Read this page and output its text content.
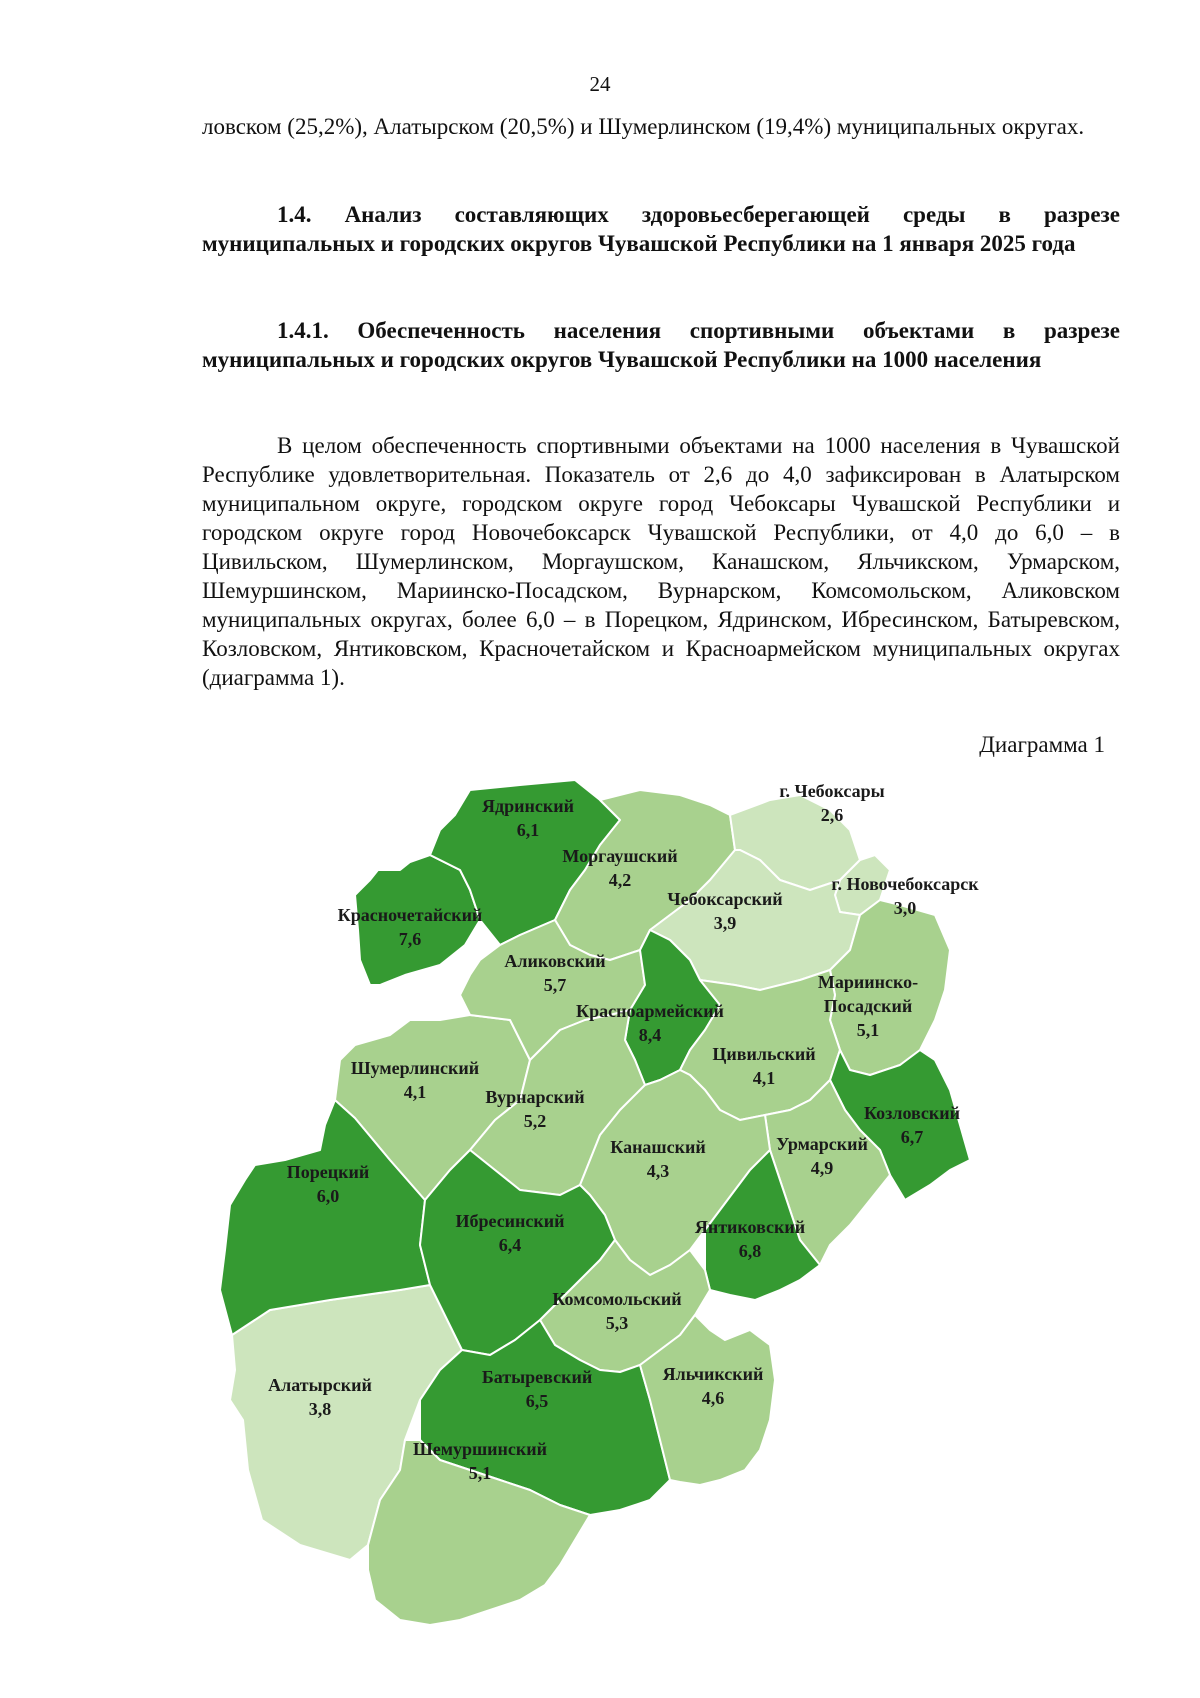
24
ловском (25,2%), Алатырском (20,5%) и Шумерлинском (19,4%) муниципальных округах.
1.4. Анализ составляющих здоровьесберегающей среды в разрезе муниципальных и городских округов Чувашской Республики на 1 января 2025 года
1.4.1. Обеспеченность населения спортивными объектами в разрезе муниципальных и городских округов Чувашской Республики на 1000 населения
В целом обеспеченность спортивными объектами на 1000 населения в Чувашской Республике удовлетворительная. Показатель от 2,6 до 4,0 зафиксирован в Алатырском муниципальном округе, городском округе город Чебоксары Чувашской Республики и городском округе город Новочебоксарск Чувашской Республики, от 4,0 до 6,0 – в Цивильском, Шумерлинском, Моргаушском, Канашском, Яльчикском, Урмарском, Шемуршинском, Мариинско-Посадском, Вурнарском, Комсомольском, Аликовском муниципальных округах, более 6,0 – в Порецком, Ядринском, Ибресинском, Батыревском, Козловском, Янтиковском, Красночетайском и Красноармейском муниципальных округах (диаграмма 1).
Диаграмма 1
Ядринский 6,1
г. Чебоксары 2,6
Моргаушский 4,2	г. Новочебоксарск 3,0
Чебоксарский 3,9
Красночетайский 7,6
Аликовский 5,7	Мариинско-Посадский 5,1
Красноармейский 8,4
Цивильский 4,1
Шумерлинский 4,1	Вурнарский 5,2	Козловский 6,7
Канашский 4,3
Урмарский 4,9
Порецкий 6,0
Ибресинский 6,4
Янтиковский 6,8
Комсомольский 5,3
Алатырский 3,8
Батыревский 6,5
Яльчикский 4,6
Шемуршинский 5,1
